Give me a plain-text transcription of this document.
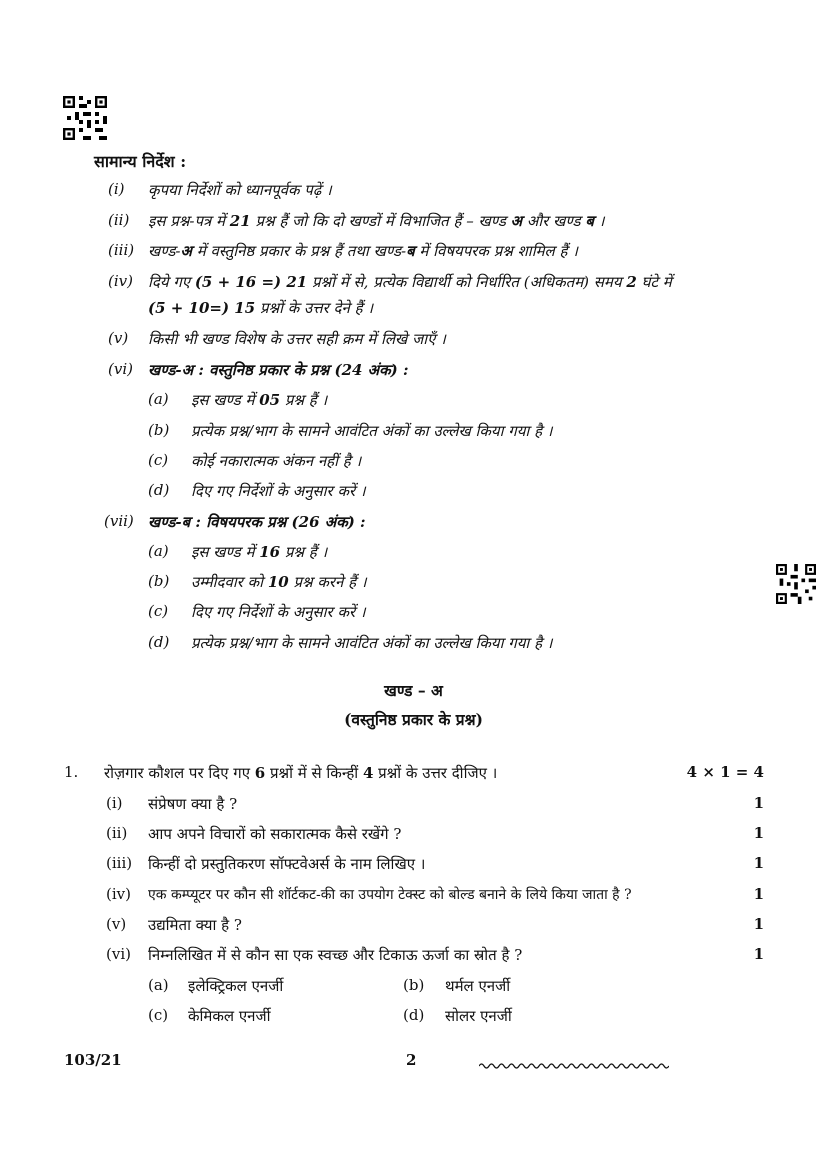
सामान्य निर्देश :
(i) कृपया निर्देशों को ध्यानपूर्वक पढ़ें ।
(ii) इस प्रश्न-पत्र में 21 प्रश्न हैं जो कि दो खण्डों में विभाजित हैं – खण्ड अ और खण्ड ब ।
(iii) खण्ड-अ में वस्तुनिष्ठ प्रकार के प्रश्न हैं तथा खण्ड-ब में विषयपरक प्रश्न शामिल हैं ।
(iv) दिये गए (5 + 16 =) 21 प्रश्नों में से, प्रत्येक विद्यार्थी को निर्धारित (अधिकतम) समय 2 घंटे में
(5 + 10=) 15 प्रश्नों के उत्तर देने हैं ।
(v) किसी भी खण्ड विशेष के उत्तर सही क्रम में लिखे जाएँ ।
(vi) खण्ड-अ : वस्तुनिष्ठ प्रकार के प्रश्न (24 अंक) :
(a) इस खण्ड में 05 प्रश्न हैं ।
(b) प्रत्येक प्रश्न/भाग के सामने आवंटित अंकों का उल्लेख किया गया है ।
(c) कोई नकारात्मक अंकन नहीं है ।
(d) दिए गए निर्देशों के अनुसार करें ।
(vii) खण्ड-ब : विषयपरक प्रश्न (26 अंक) :
(a) इस खण्ड में 16 प्रश्न हैं ।
(b) उम्मीदवार को 10 प्रश्न करने हैं ।
(c) दिए गए निर्देशों के अनुसार करें ।
(d) प्रत्येक प्रश्न/भाग के सामने आवंटित अंकों का उल्लेख किया गया है ।
खण्ड – अ
(वस्तुनिष्ठ प्रकार के प्रश्न)
1. रोज़गार कौशल पर दिए गए 6 प्रश्नों में से किन्हीं 4 प्रश्नों के उत्तर दीजिए ।	4 × 1 = 4
(i) संप्रेषण क्या है ?	1
(ii) आप अपने विचारों को सकारात्मक कैसे रखेंगे ?	1
(iii) किन्हीं दो प्रस्तुतिकरण सॉफ्टवेअर्स के नाम लिखिए ।	1
(iv) एक कम्प्यूटर पर कौन सी शॉर्टकट-की का उपयोग टेक्स्ट को बोल्ड बनाने के लिये किया जाता है ?	1
(v) उद्यमिता क्या है ?	1
(vi) निम्नलिखित में से कौन सा एक स्वच्छ और टिकाऊ ऊर्जा का स्रोत है ?	1
(a) इलेक्ट्रिकल एनर्जी	(b) थर्मल एनर्जी
(c) केमिकल एनर्जी	(d) सोलर एनर्जी
103/21	2
